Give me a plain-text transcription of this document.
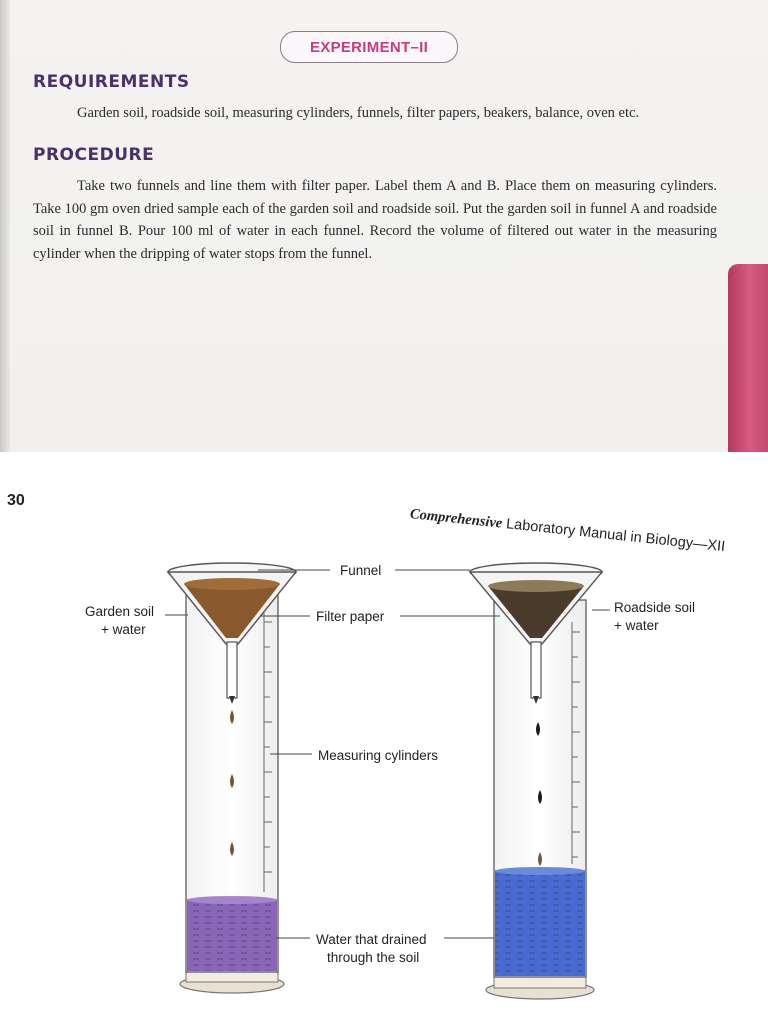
EXPERIMENT–II
REQUIREMENTS
Garden soil, roadside soil, measuring cylinders, funnels, filter papers, beakers, balance, oven etc.
PROCEDURE
Take two funnels and line them with filter paper. Label them A and B. Place them on measuring cylinders. Take 100 gm oven dried sample each of the garden soil and roadside soil. Put the garden soil in funnel A and roadside soil in funnel B. Pour 100 ml of water in each funnel. Record the volume of filtered out water in the measuring cylinder when the dripping of water stops from the funnel.
30
Comprehensive Laboratory Manual in Biology—XII
Funnel
Filter paper
Measuring cylinders
Water that drained
through the soil
Garden soil
+ water
Roadside soil
+ water
